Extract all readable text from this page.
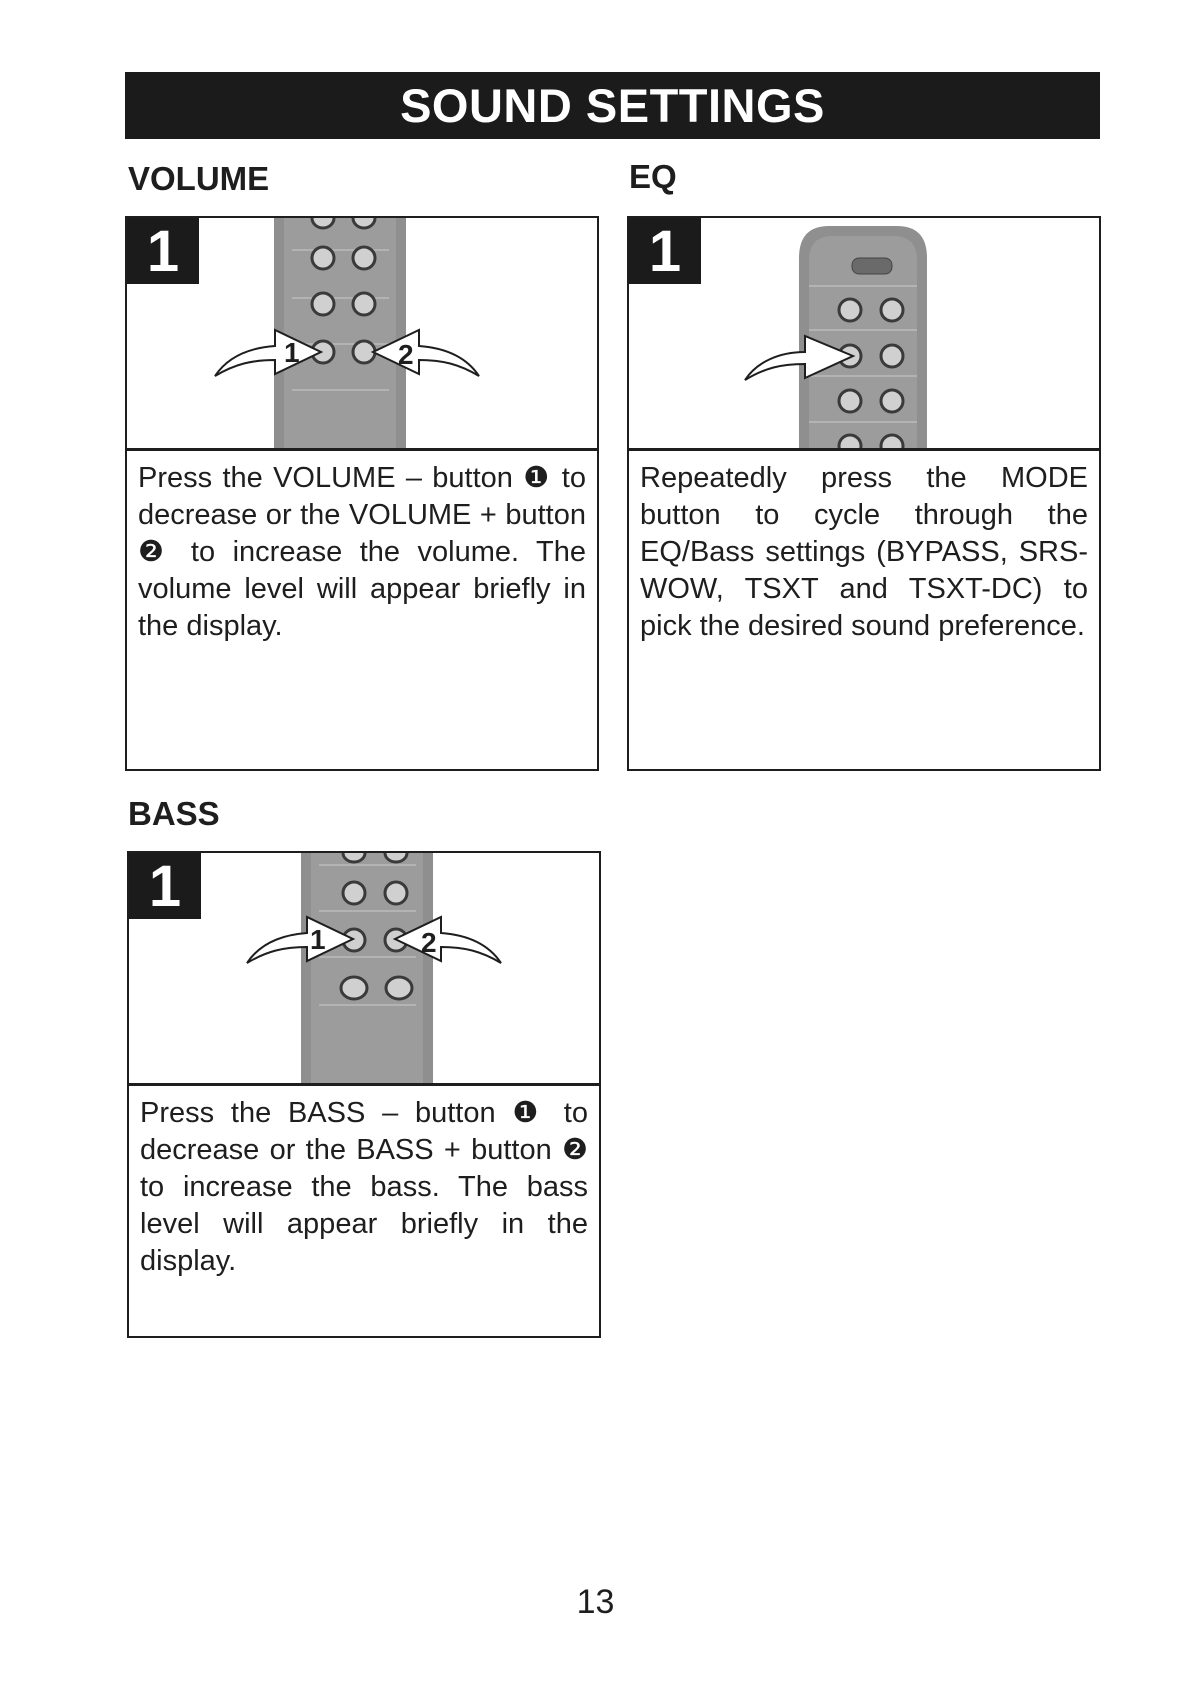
SOUND SETTINGS
VOLUME
1
1	2
Press the VOLUME – button ❶ to decrease or the VOLUME + button ❷ to increase the volume. The volume level will appear briefly in the display.
EQ
1
Repeatedly press the MODE button to cycle through the EQ/Bass settings (BYPASS, SRS-WOW, TSXT and TSXT-DC) to pick the desired sound preference.
BASS
1
1	2
Press the BASS – button ❶ to decrease or the BASS + button ❷ to increase the bass. The bass level will appear briefly in the display.
13
